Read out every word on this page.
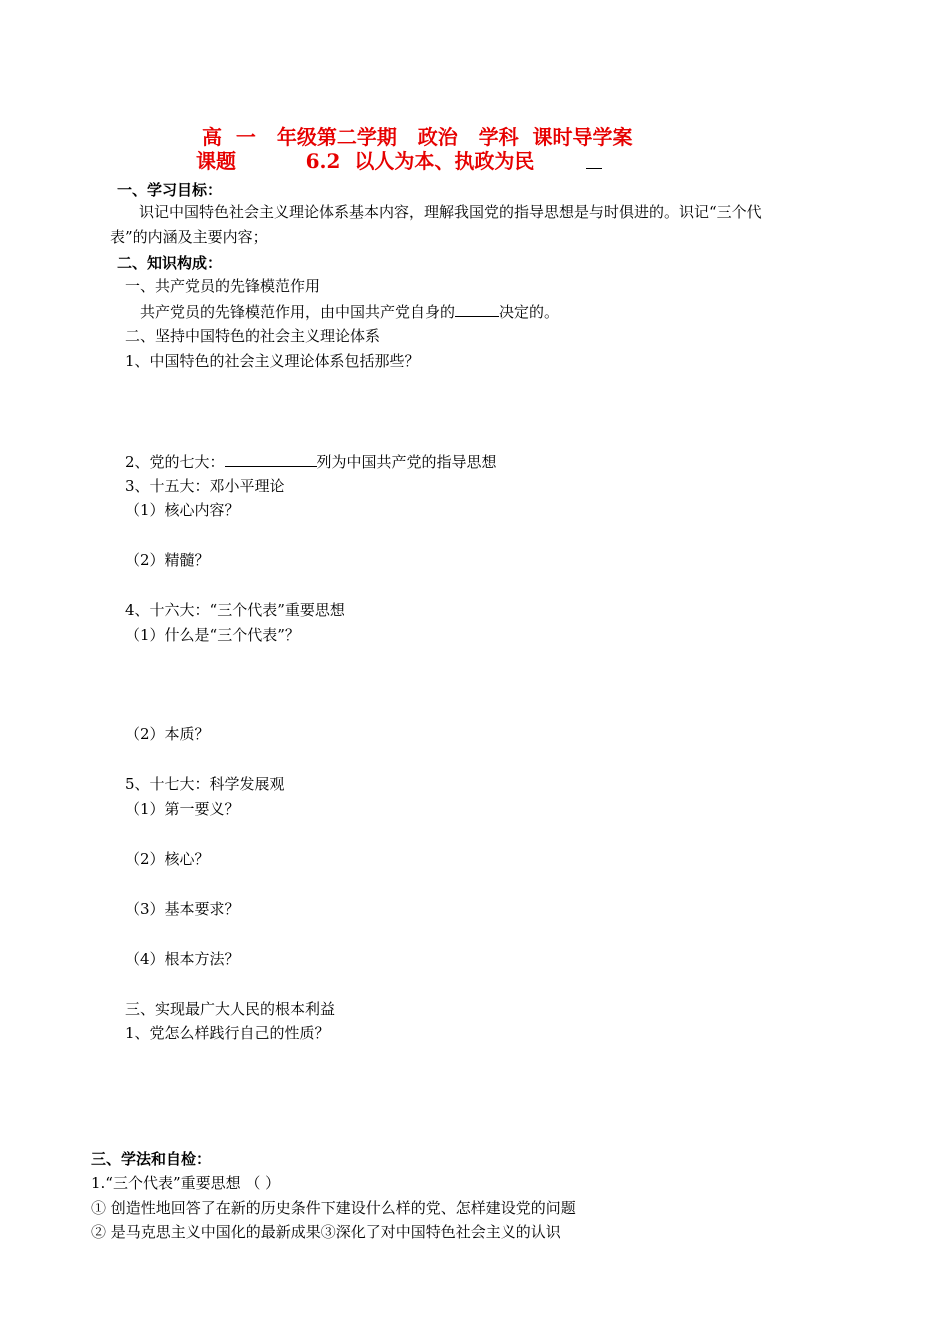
高  一   年级第二学期   政治   学科  课时导学案
课题          6.2  以人为本、执政为民
一、学习目标：
识记中国特色社会主义理论体系基本内容，理解我国党的指导思想是与时俱进的。识记“三个代
表”的内涵及主要内容；
二、知识构成：
一、共产党员的先锋模范作用
共产党员的先锋模范作用，由中国共产党自身的	决定的。
二、坚持中国特色的社会主义理论体系
1、中国特色的社会主义理论体系包括那些？
2、党的七大：	列为中国共产党的指导思想
3、十五大：邓小平理论
（1）核心内容？
（2）精髓？
4、十六大：“三个代表”重要思想
（1）什么是“三个代表”？
（2）本质？
5、十七大：科学发展观
（1）第一要义？
（2）核心？
（3）基本要求？
（4）根本方法？
三、实现最广大人民的根本利益
1、党怎么样践行自己的性质？
三、学法和自检：
1.“三个代表”重要思想 （ ）
① 创造性地回答了在新的历史条件下建设什么样的党、怎样建设党的问题
② 是马克思主义中国化的最新成果③深化了对中国特色社会主义的认识
